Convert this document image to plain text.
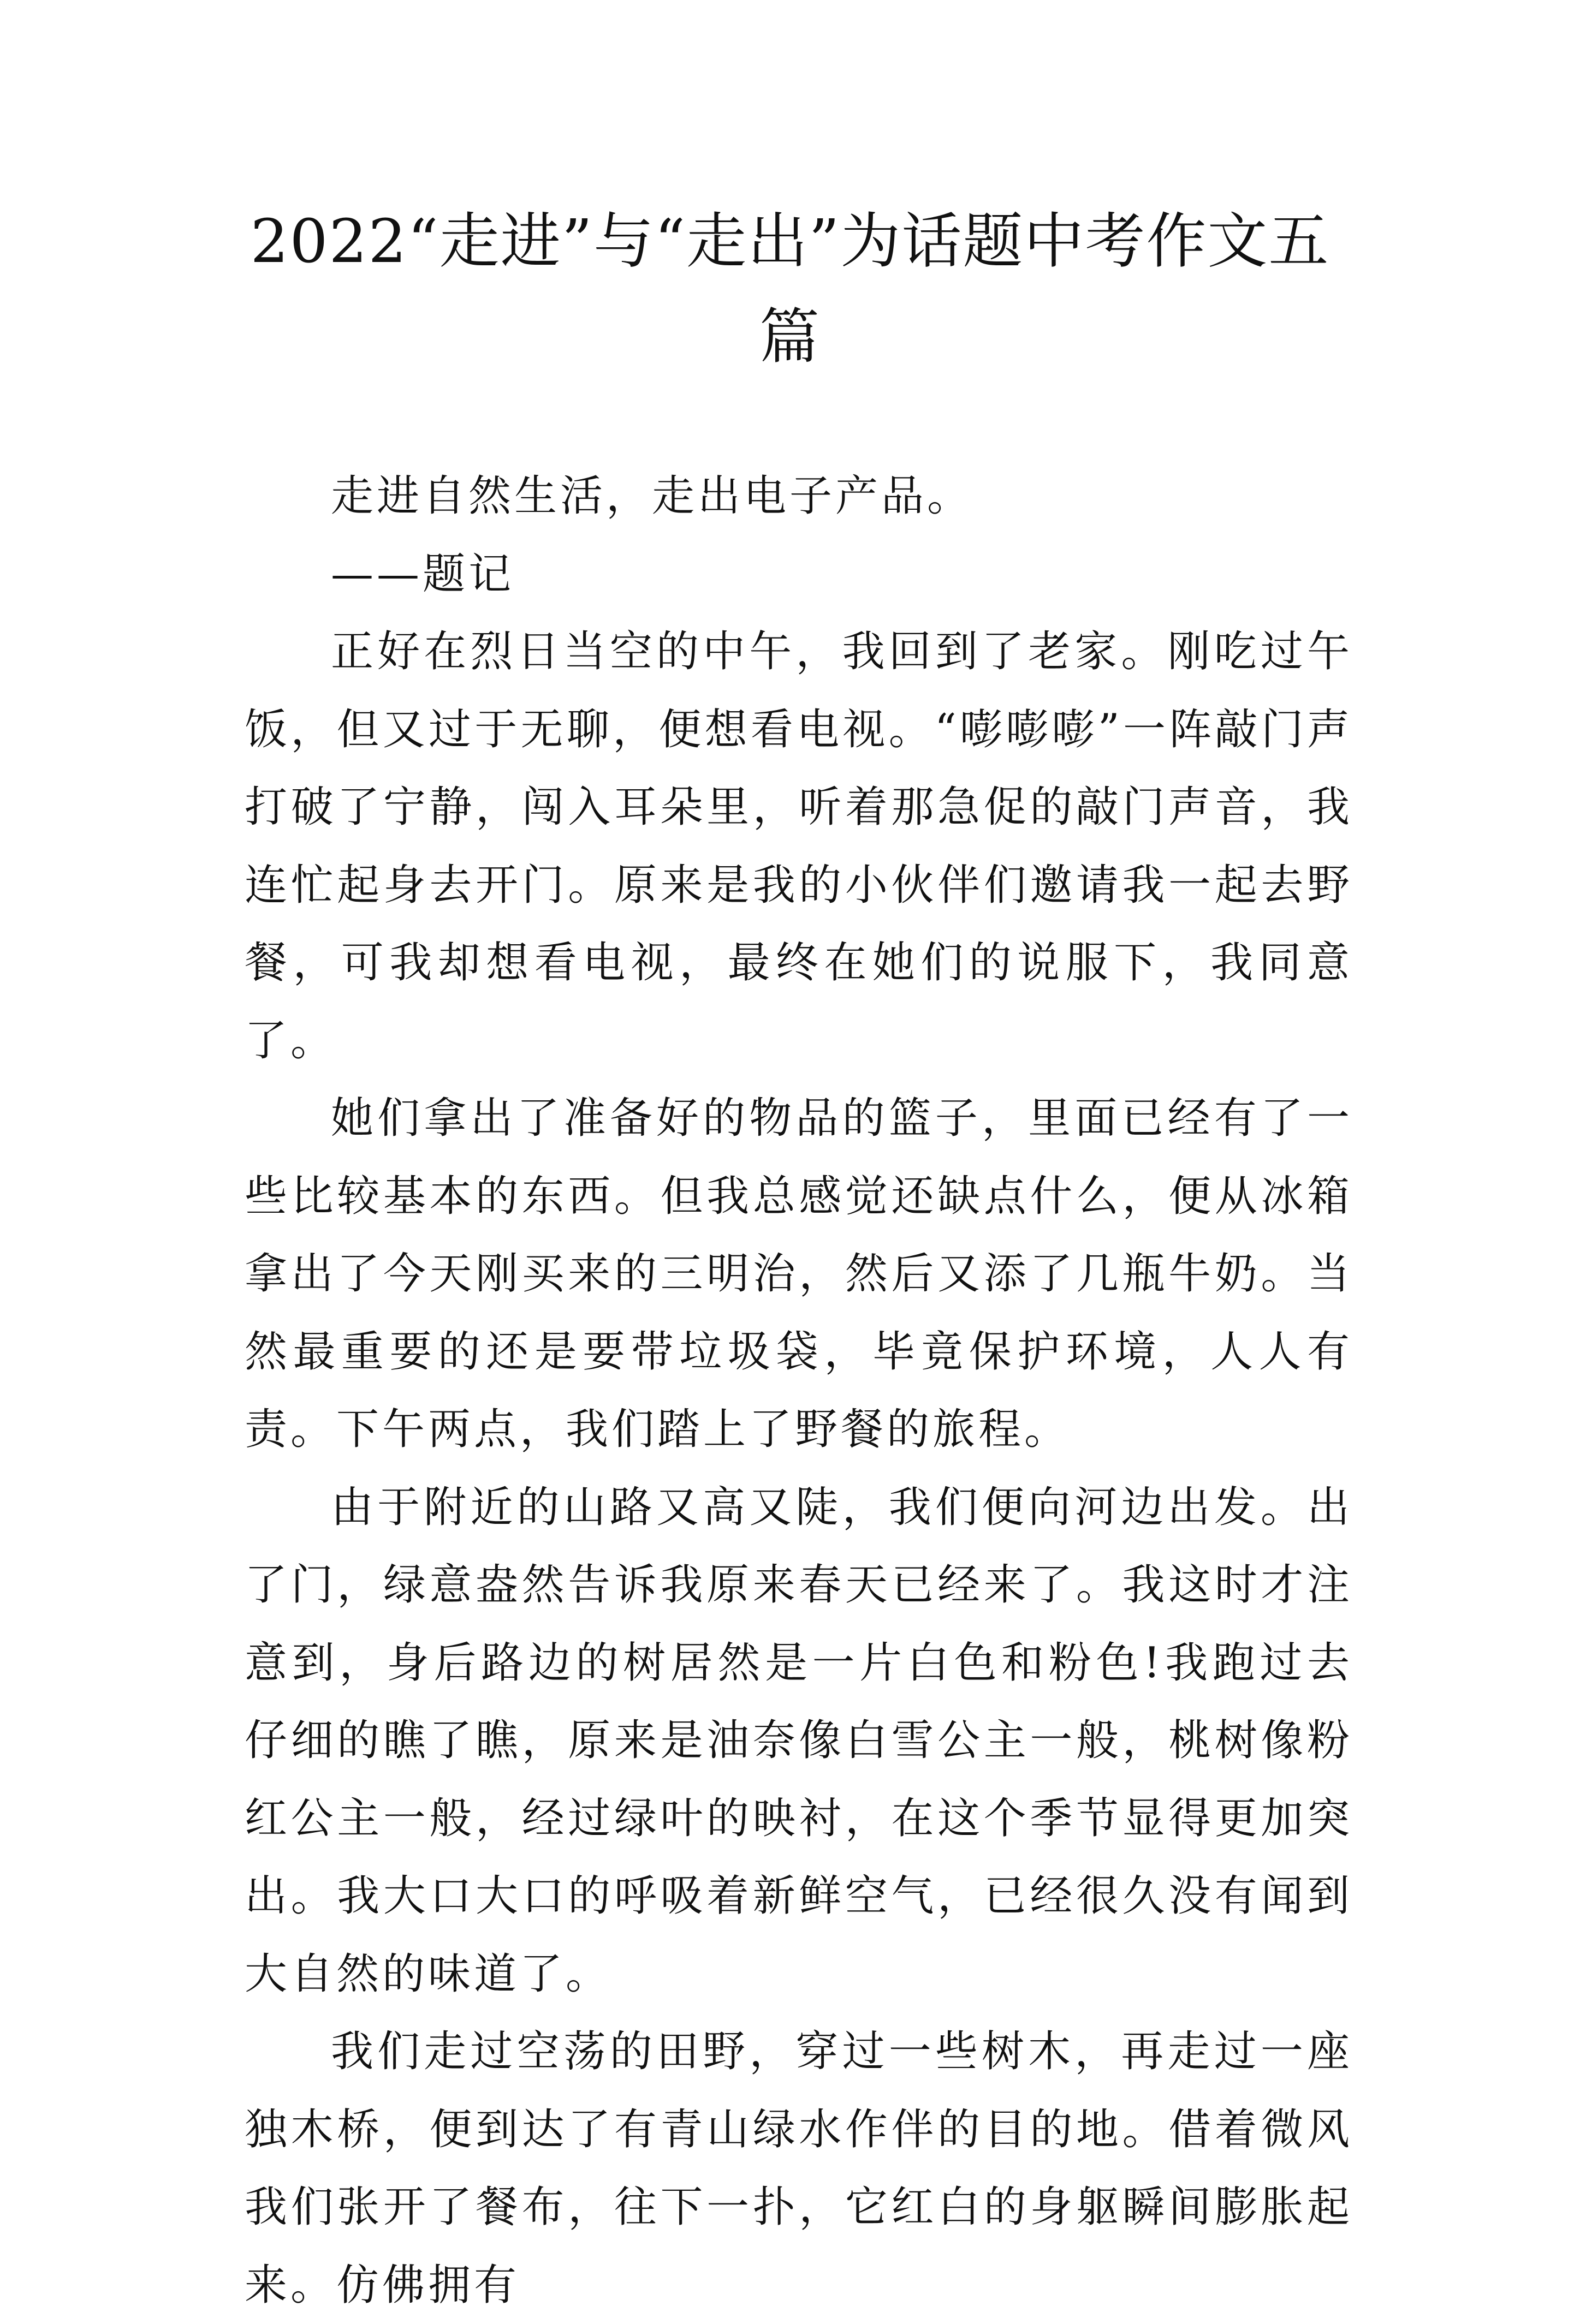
2022“走进”与“走出”为话题中考作文五篇

走进自然生活，走出电子产品。

——题记

正好在烈日当空的中午，我回到了老家。刚吃过午饭，但又过于无聊，便想看电视。“嘭嘭嘭”一阵敲门声打破了宁静，闯入耳朵里，听着那急促的敲门声音，我连忙起身去开门。原来是我的小伙伴们邀请我一起去野餐，可我却想看电视，最终在她们的说服下，我同意了。

她们拿出了准备好的物品的篮子，里面已经有了一些比较基本的东西。但我总感觉还缺点什么，便从冰箱拿出了今天刚买来的三明治，然后又添了几瓶牛奶。当然最重要的还是要带垃圾袋，毕竟保护环境，人人有责。下午两点，我们踏上了野餐的旅程。

由于附近的山路又高又陡，我们便向河边出发。出了门，绿意盎然告诉我原来春天已经来了。我这时才注意到，身后路边的树居然是一片白色和粉色!我跑过去仔细的瞧了瞧，原来是油奈像白雪公主一般，桃树像粉红公主一般，经过绿叶的映衬，在这个季节显得更加突出。我大口大口的呼吸着新鲜空气，已经很久没有闻到大自然的味道了。

我们走过空荡的田野，穿过一些树木，再走过一座独木桥，便到达了有青山绿水作伴的目的地。借着微风我们张开了餐布，往下一扑，它红白的身躯瞬间膨胀起来。仿佛拥有
